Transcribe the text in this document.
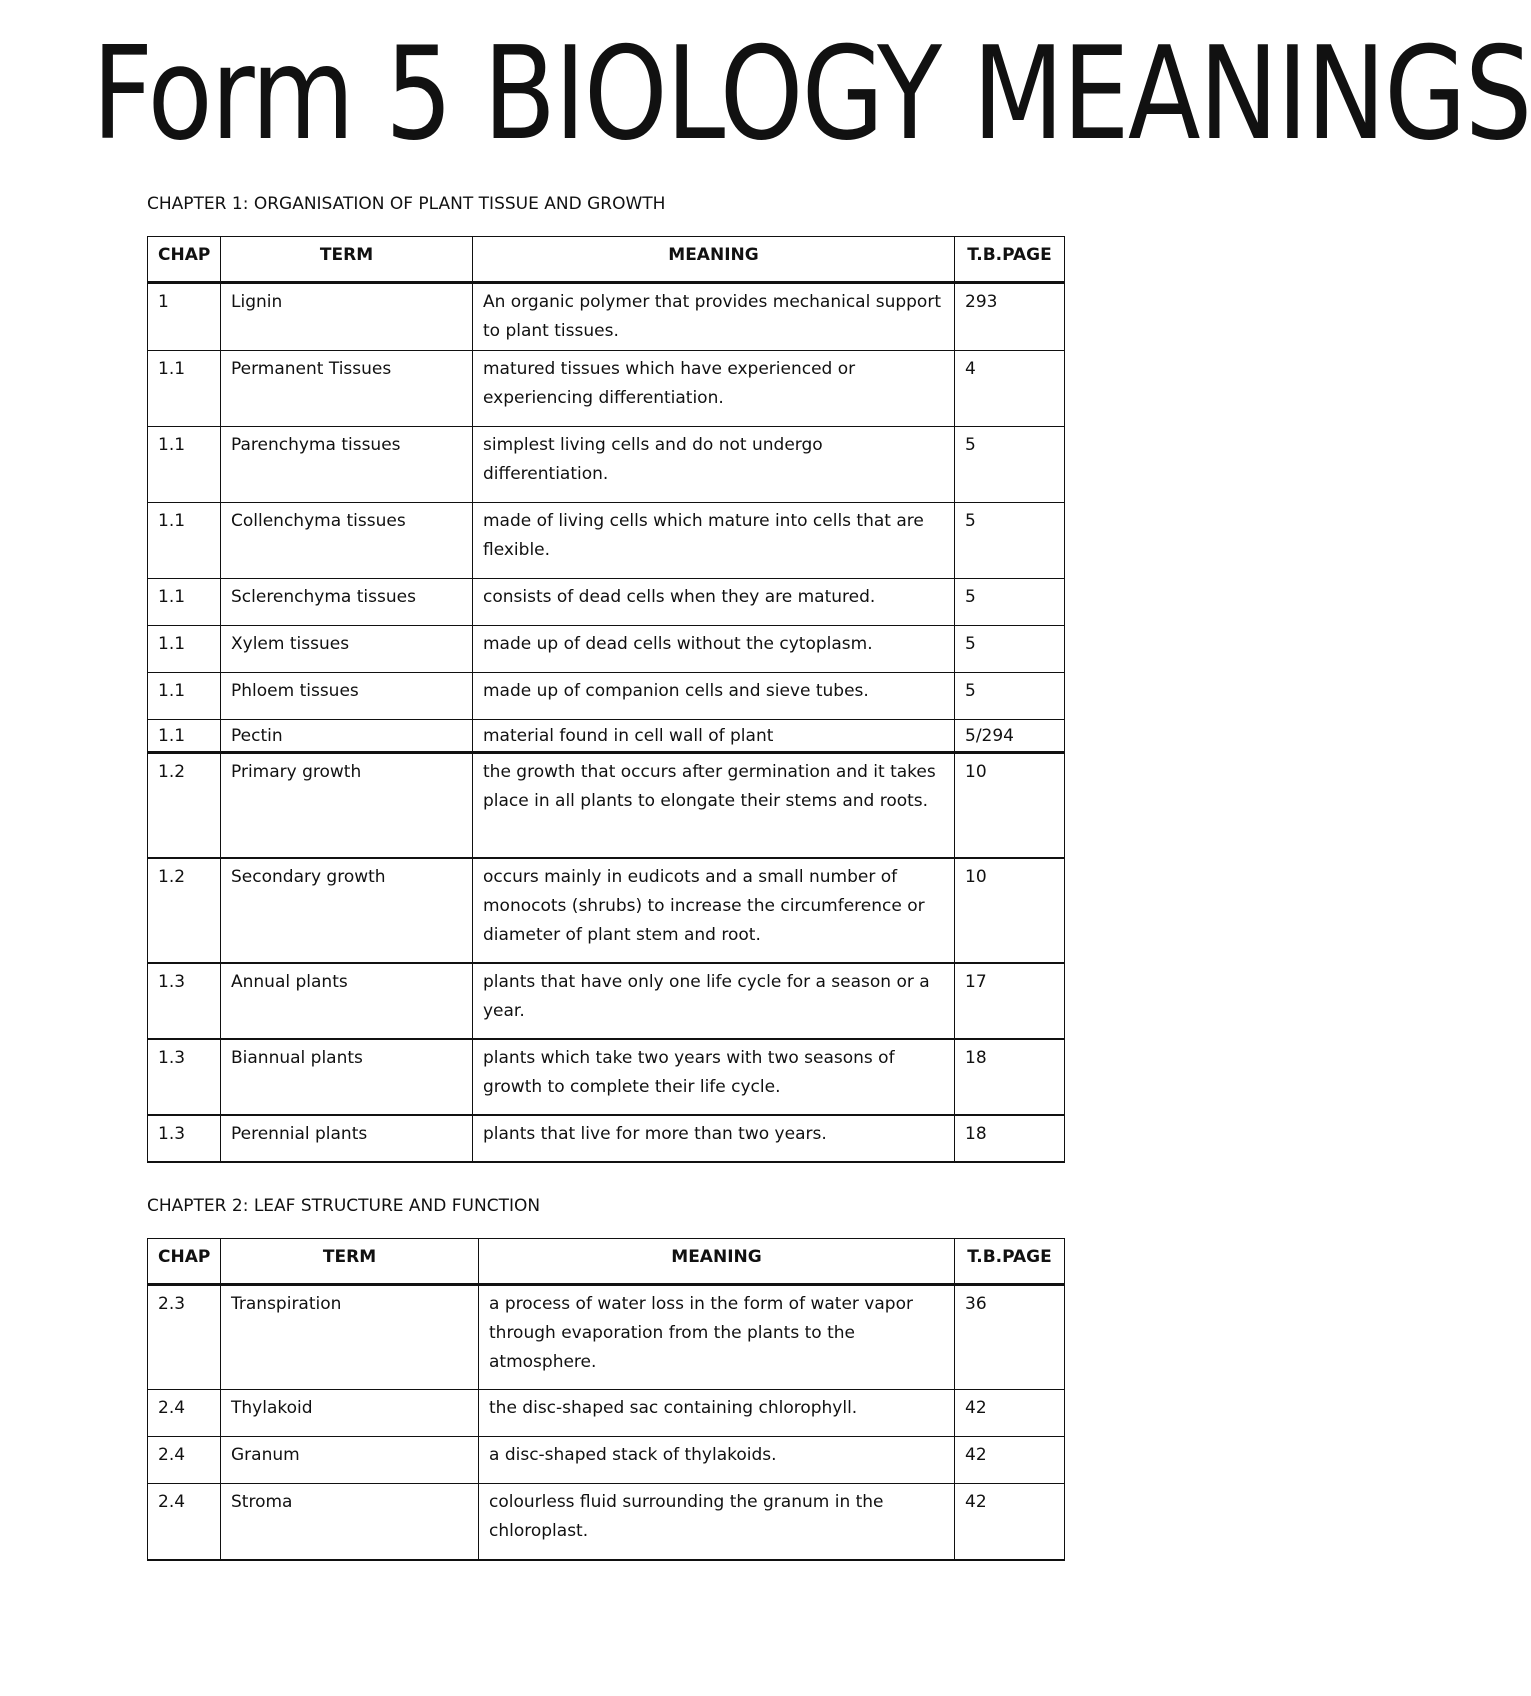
Form 5 BIOLOGY MEANINGS

CHAPTER 1: ORGANISATION OF PLANT TISSUE AND GROWTH

CHAP	TERM	MEANING	T.B.PAGE
1	Lignin	An organic polymer that provides mechanical support to plant tissues.	293
1.1	Permanent Tissues	matured tissues which have experienced or experiencing differentiation.	4
1.1	Parenchyma tissues	simplest living cells and do not undergo differentiation.	5
1.1	Collenchyma tissues	made of living cells which mature into cells that are flexible.	5
1.1	Sclerenchyma tissues	consists of dead cells when they are matured.	5
1.1	Xylem tissues	made up of dead cells without the cytoplasm.	5
1.1	Phloem tissues	made up of companion cells and sieve tubes.	5
1.1	Pectin	material found in cell wall of plant	5/294
1.2	Primary growth	the growth that occurs after germination and it takes place in all plants to elongate their stems and roots.	10
1.2	Secondary growth	occurs mainly in eudicots and a small number of monocots (shrubs) to increase the circumference or diameter of plant stem and root.	10
1.3	Annual plants	plants that have only one life cycle for a season or a year.	17
1.3	Biannual plants	plants which take two years with two seasons of growth to complete their life cycle.	18
1.3	Perennial plants	plants that live for more than two years.	18

CHAPTER 2: LEAF STRUCTURE AND FUNCTION

CHAP	TERM	MEANING	T.B.PAGE
2.3	Transpiration	a process of water loss in the form of water vapor through evaporation from the plants to the atmosphere.	36
2.4	Thylakoid	the disc-shaped sac containing chlorophyll.	42
2.4	Granum	a disc-shaped stack of thylakoids.	42
2.4	Stroma	colourless fluid surrounding the granum in the chloroplast.	42
